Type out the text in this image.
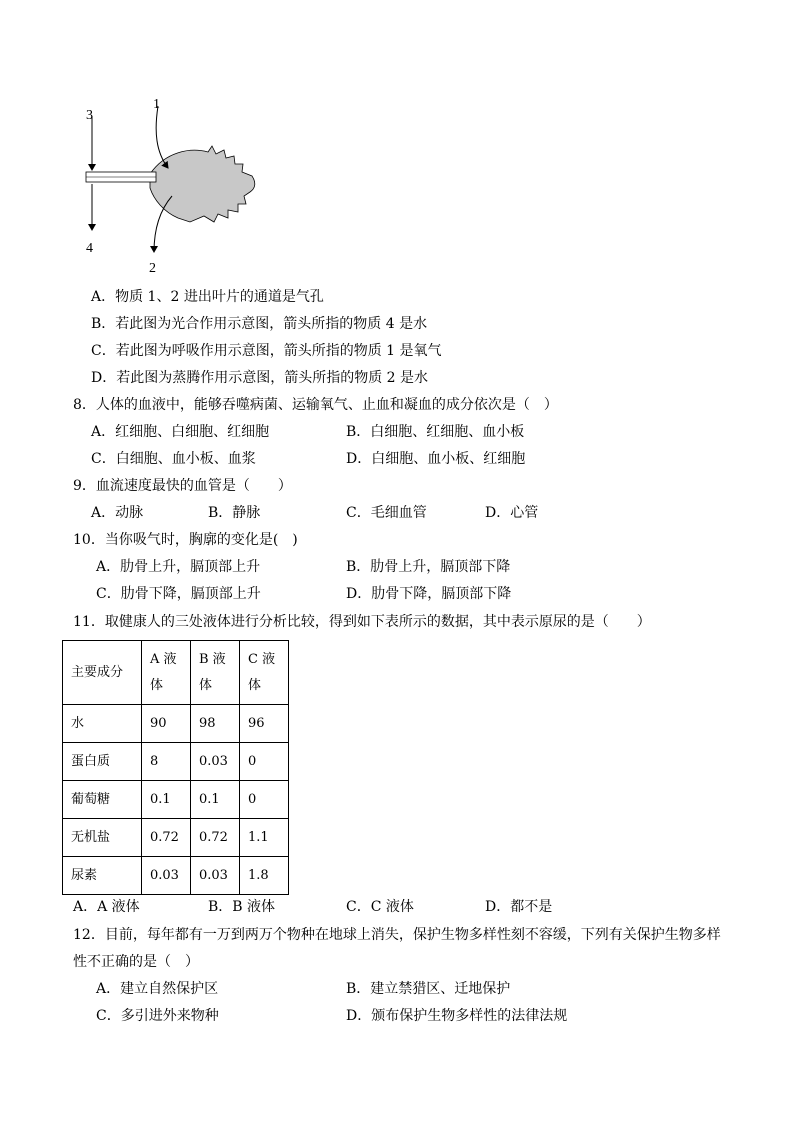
1
2
3
4
A．物质 1、2 进出叶片的通道是气孔
B．若此图为光合作用示意图，箭头所指的物质 4 是水
C．若此图为呼吸作用示意图，箭头所指的物质 1 是氧气
D．若此图为蒸腾作用示意图，箭头所指的物质 2 是水
8．人体的血液中，能够吞噬病菌、运输氧气、止血和凝血的成分依次是（　）
A．红细胞、白细胞、红细胞	B．白细胞、红细胞、血小板
C．白细胞、血小板、血浆	D．白细胞、血小板、红细胞
9．血流速度最快的血管是（　　）
A．动脉	B．静脉	C．毛细血管	D．心管
10．当你吸气时，胸廓的变化是(　)
A．肋骨上升，膈顶部上升	B．肋骨上升，膈顶部下降
C．肋骨下降，膈顶部上升	D．肋骨下降，膈顶部下降
11．取健康人的三处液体进行分析比较，得到如下表所示的数据，其中表示原尿的是（　　）
主要成分	A 液体	B 液体	C 液体
水	90	98	96
蛋白质	8	0.03	0
葡萄糖	0.1	0.1	0
无机盐	0.72	0.72	1.1
尿素	0.03	0.03	1.8
A．A 液体	B．B 液体	C．C 液体	D．都不是
12．目前，每年都有一万到两万个物种在地球上消失，保护生物多样性刻不容缓，下列有关保护生物多样
性不正确的是（　）
A．建立自然保护区	B．建立禁猎区、迁地保护
C．多引进外来物种	D．颁布保护生物多样性的法律法规
